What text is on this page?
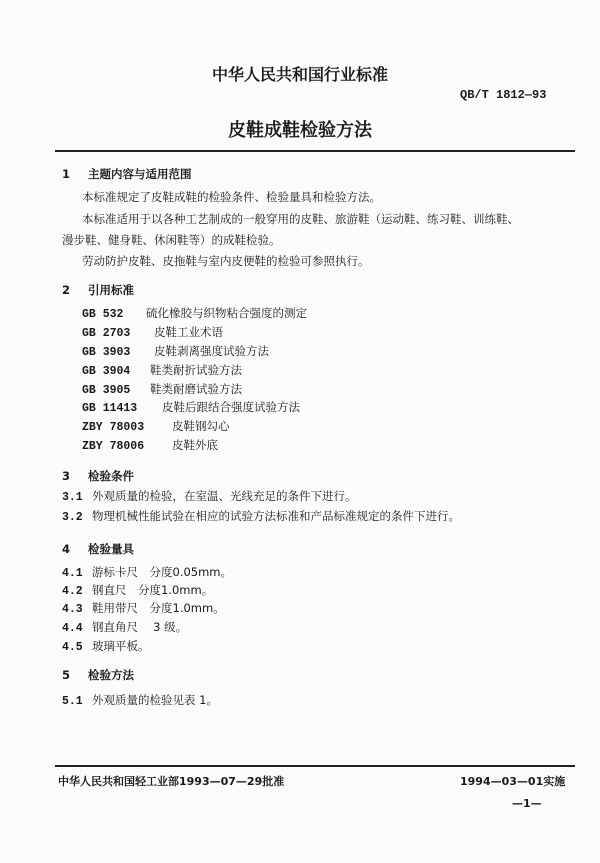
中华人民共和国行业标准
QB/T 1812—93
皮鞋成鞋检验方法
1 主题内容与适用范围
本标准规定了皮鞋成鞋的检验条件、检验量具和检验方法。
本标准适用于以各种工艺制成的一般穿用的皮鞋、旅游鞋（运动鞋、练习鞋、训练鞋、
漫步鞋、健身鞋、休闲鞋等）的成鞋检验。
劳动防护皮鞋、皮拖鞋与室内皮便鞋的检验可参照执行。
2 引用标准
GB 532 硫化橡胶与织物粘合强度的测定
GB 2703 皮鞋工业术语
GB 3903 皮鞋剥离强度试验方法
GB 3904 鞋类耐折试验方法
GB 3905 鞋类耐磨试验方法
GB 11413 皮鞋后跟结合强度试验方法
ZBY 78003 皮鞋钢勾心
ZBY 78006 皮鞋外底
3 检验条件
3.1 外观质量的检验，在室温、光线充足的条件下进行。
3.2 物理机械性能试验在相应的试验方法标准和产品标准规定的条件下进行。
4 检验量具
4.1 游标卡尺　分度0.05mm。
4.2 钢直尺　分度1.0mm。
4.3 鞋用带尺　分度1.0mm。
4.4 钢直角尺　 3 级。
4.5 玻璃平板。
5 检验方法
5.1 外观质量的检验见表 1。
中华人民共和国轻工业部1993—07—29批准	1994—03—01实施
—1—
